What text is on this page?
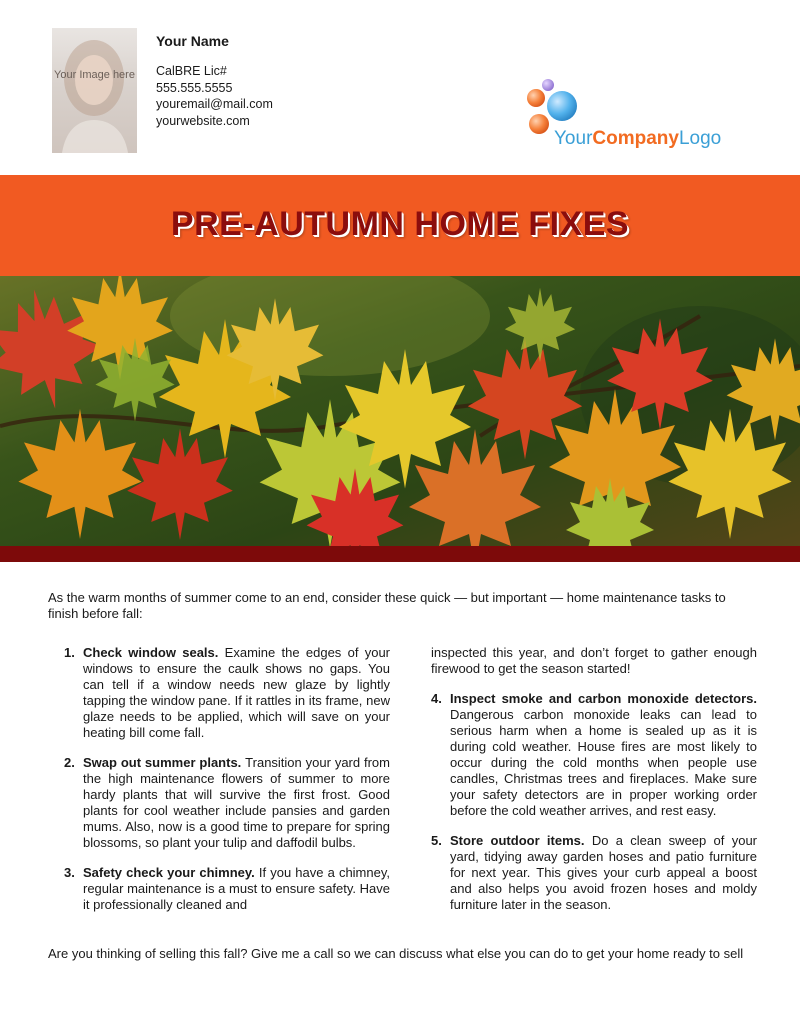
Your Image here
Your Name
CalBRE Lic#
555.555.5555
youremail@mail.com
yourwebsite.com
YourCompanyLogo
PRE-AUTUMN HOME FIXES
As the warm months of summer come to an end, consider these quick — but important — home maintenance tasks to finish before fall:
1. Check window seals. Examine the edges of your windows to ensure the caulk shows no gaps. You can tell if a window needs new glaze by lightly tapping the window pane. If it rattles in its frame, new glaze needs to be applied, which will save on your heating bill come fall.
2. Swap out summer plants. Transition your yard from the high maintenance flowers of summer to more hardy plants that will survive the first frost. Good plants for cool weather include pansies and garden mums. Also, now is a good time to prepare for spring blossoms, so plant your tulip and daffodil bulbs.
3. Safety check your chimney. If you have a chimney, regular maintenance is a must to ensure safety. Have it professionally cleaned and
inspected this year, and don’t forget to gather enough firewood to get the season started!
4. Inspect smoke and carbon monoxide detectors. Dangerous carbon monoxide leaks can lead to serious harm when a home is sealed up as it is during cold weather. House fires are most likely to occur during the cold months when people use candles, Christmas trees and fireplaces. Make sure your safety detectors are in proper working order before the cold weather arrives, and rest easy.
5. Store outdoor items. Do a clean sweep of your yard, tidying away garden hoses and patio furniture for next year. This gives your curb appeal a boost and also helps you avoid frozen hoses and moldy furniture later in the season.
Are you thinking of selling this fall? Give me a call so we can discuss what else you can do to get your home ready to sell
